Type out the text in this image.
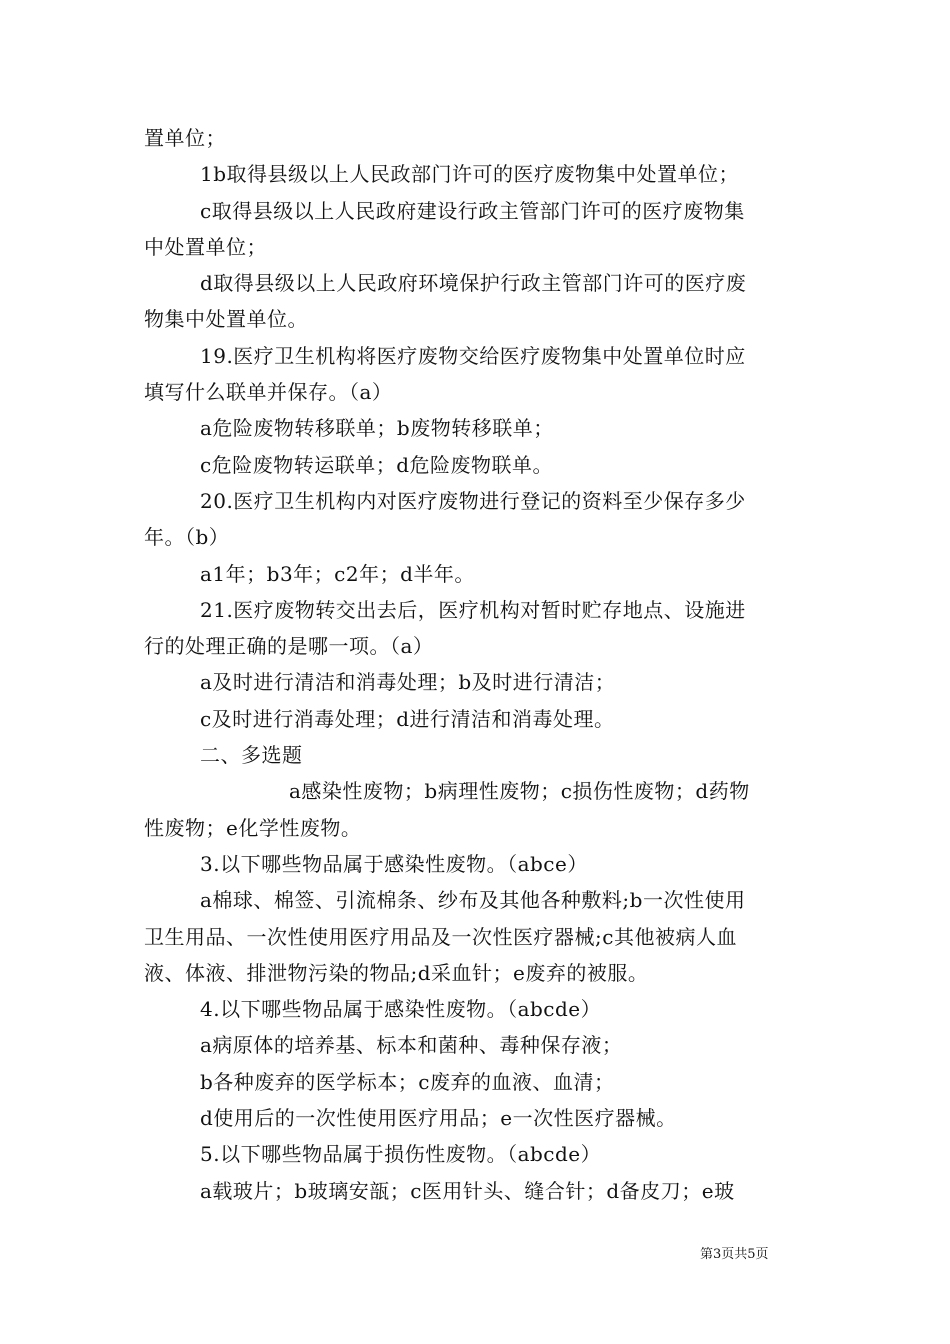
置单位；
1b取得县级以上人民政部门许可的医疗废物集中处置单位；
c取得县级以上人民政府建设行政主管部门许可的医疗废物集
中处置单位；
d取得县级以上人民政府环境保护行政主管部门许可的医疗废
物集中处置单位。
19.医疗卫生机构将医疗废物交给医疗废物集中处置单位时应
填写什么联单并保存。（a）
a危险废物转移联单；b废物转移联单；
c危险废物转运联单；d危险废物联单。
20.医疗卫生机构内对医疗废物进行登记的资料至少保存多少
年。（b）
a1年；b3年；c2年；d半年。
21.医疗废物转交出去后，医疗机构对暂时贮存地点、设施进
行的处理正确的是哪一项。（a）
a及时进行清洁和消毒处理；b及时进行清洁；
c及时进行消毒处理；d进行清洁和消毒处理。
二、多选题
a感染性废物；b病理性废物；c损伤性废物；d药物
性废物；e化学性废物。
3.以下哪些物品属于感染性废物。（abce）
a棉球、棉签、引流棉条、纱布及其他各种敷料;b一次性使用
卫生用品、一次性使用医疗用品及一次性医疗器械;c其他被病人血
液、体液、排泄物污染的物品;d采血针；e废弃的被服。
4.以下哪些物品属于感染性废物。（abcde）
a病原体的培养基、标本和菌种、毒种保存液；
b各种废弃的医学标本；c废弃的血液、血清；
d使用后的一次性使用医疗用品；e一次性医疗器械。
5.以下哪些物品属于损伤性废物。（abcde）
a载玻片；b玻璃安瓿；c医用针头、缝合针；d备皮刀；e玻
第3页共5页
